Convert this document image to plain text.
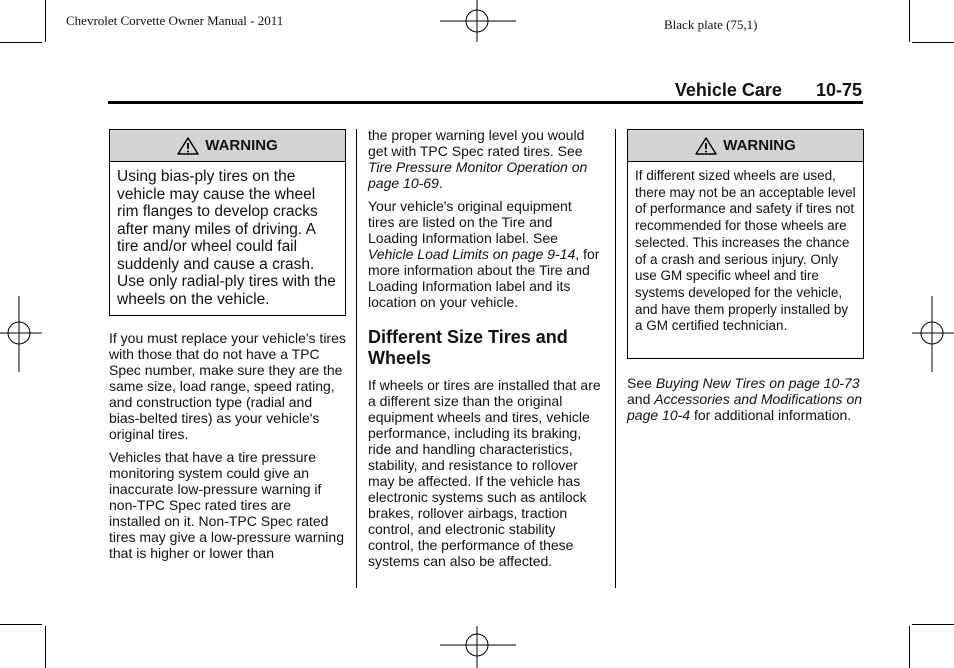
Chevrolet Corvette Owner Manual - 2011	Black plate (75,1)
Vehicle Care 10-75
WARNING
Using bias-ply tires on the vehicle may cause the wheel rim flanges to develop cracks after many miles of driving. A tire and/or wheel could fail suddenly and cause a crash. Use only radial-ply tires with the wheels on the vehicle.

If you must replace your vehicle's tires with those that do not have a TPC Spec number, make sure they are the same size, load range, speed rating, and construction type (radial and bias-belted tires) as your vehicle's original tires.

Vehicles that have a tire pressure monitoring system could give an inaccurate low-pressure warning if non-TPC Spec rated tires are installed on it. Non-TPC Spec rated tires may give a low-pressure warning that is higher or lower than

the proper warning level you would get with TPC Spec rated tires. See Tire Pressure Monitor Operation on page 10-69.

Your vehicle's original equipment tires are listed on the Tire and Loading Information label. See Vehicle Load Limits on page 9-14, for more information about the Tire and Loading Information label and its location on your vehicle.

Different Size Tires and Wheels

If wheels or tires are installed that are a different size than the original equipment wheels and tires, vehicle performance, including its braking, ride and handling characteristics, stability, and resistance to rollover may be affected. If the vehicle has electronic systems such as antilock brakes, rollover airbags, traction control, and electronic stability control, the performance of these systems can also be affected.

WARNING
If different sized wheels are used, there may not be an acceptable level of performance and safety if tires not recommended for those wheels are selected. This increases the chance of a crash and serious injury. Only use GM specific wheel and tire systems developed for the vehicle, and have them properly installed by a GM certified technician.

See Buying New Tires on page 10-73 and Accessories and Modifications on page 10-4 for additional information.
